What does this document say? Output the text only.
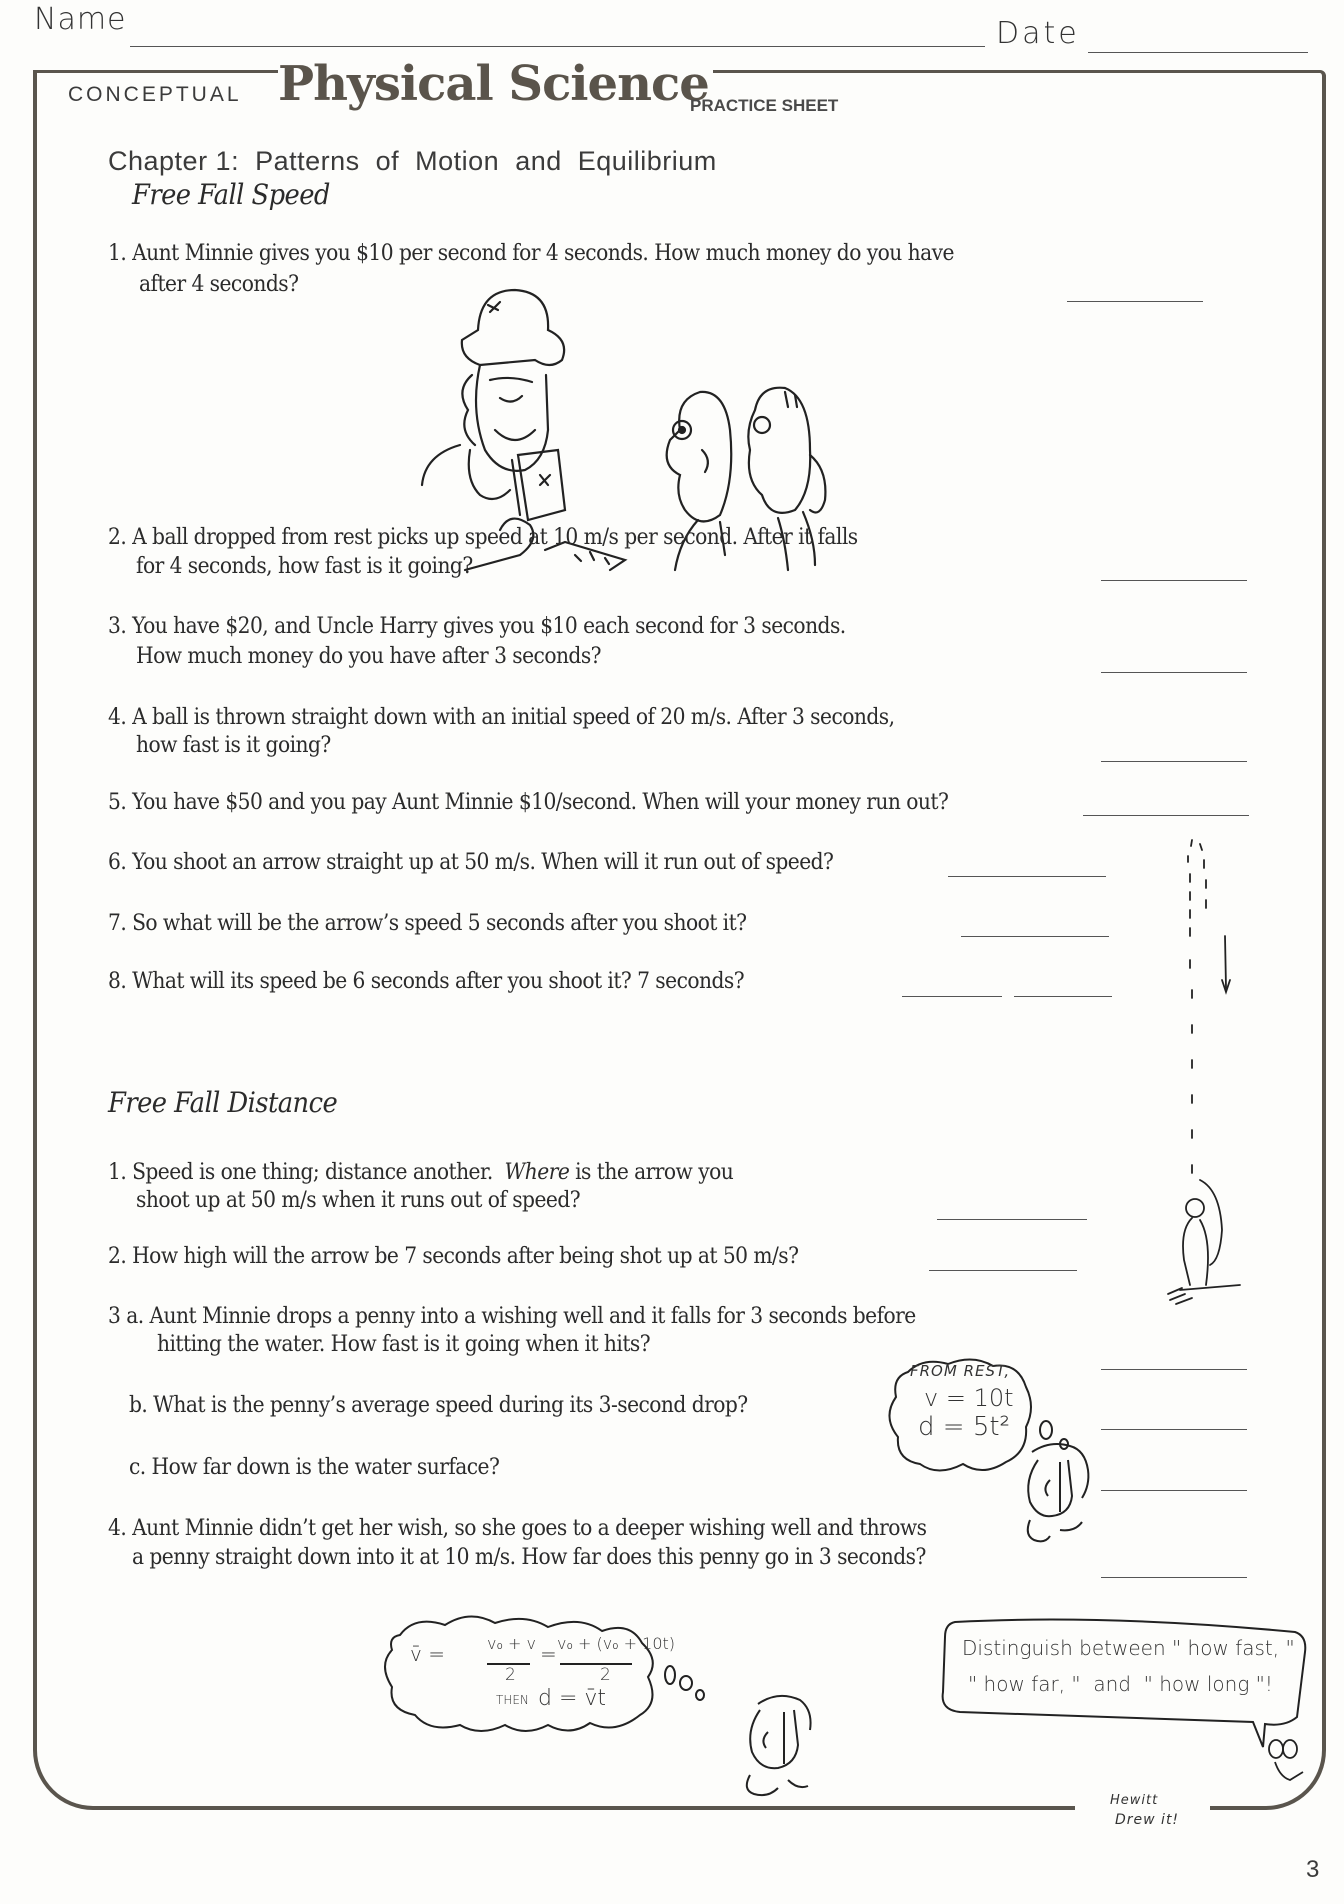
Name	Date
CONCEPTUAL Physical Science
PRACTICE SHEET
Chapter 1:  Patterns  of  Motion  and  Equilibrium
Free Fall Speed
1. Aunt Minnie gives you $10 per second for 4 seconds. How much money do you have
after 4 seconds?
2. A ball dropped from rest picks up speed at 10 m/s per second. After it falls
for 4 seconds, how fast is it going?
3. You have $20, and Uncle Harry gives you $10 each second for 3 seconds.
How much money do you have after 3 seconds?
4. A ball is thrown straight down with an initial speed of 20 m/s. After 3 seconds,
how fast is it going?
5. You have $50 and you pay Aunt Minnie $10/second. When will your money run out?
6. You shoot an arrow straight up at 50 m/s. When will it run out of speed?
7. So what will be the arrow’s speed 5 seconds after you shoot it?
8. What will its speed be 6 seconds after you shoot it? 7 seconds?
Free Fall Distance
1. Speed is one thing; distance another.  Where is the arrow you
shoot up at 50 m/s when it runs out of speed?
2. How high will the arrow be 7 seconds after being shot up at 50 m/s?
3 a. Aunt Minnie drops a penny into a wishing well and it falls for 3 seconds before
hitting the water. How fast is it going when it hits?
b. What is the penny’s average speed during its 3-second drop?
c. How far down is the water surface?
4. Aunt Minnie didn’t get her wish, so she goes to a deeper wishing well and throws
a penny straight down into it at 10 m/s. How far does this penny go in 3 seconds?
FROM REST,
v = 10t
d = 5t²
v̄ =	v₀ + v
2
= v₀ + (v₀ + 10t)
2
THEN d = v̄t
Distinguish between " how fast, "
" how far, "  and  " how long "!
Hewitt
Drew it!
3
